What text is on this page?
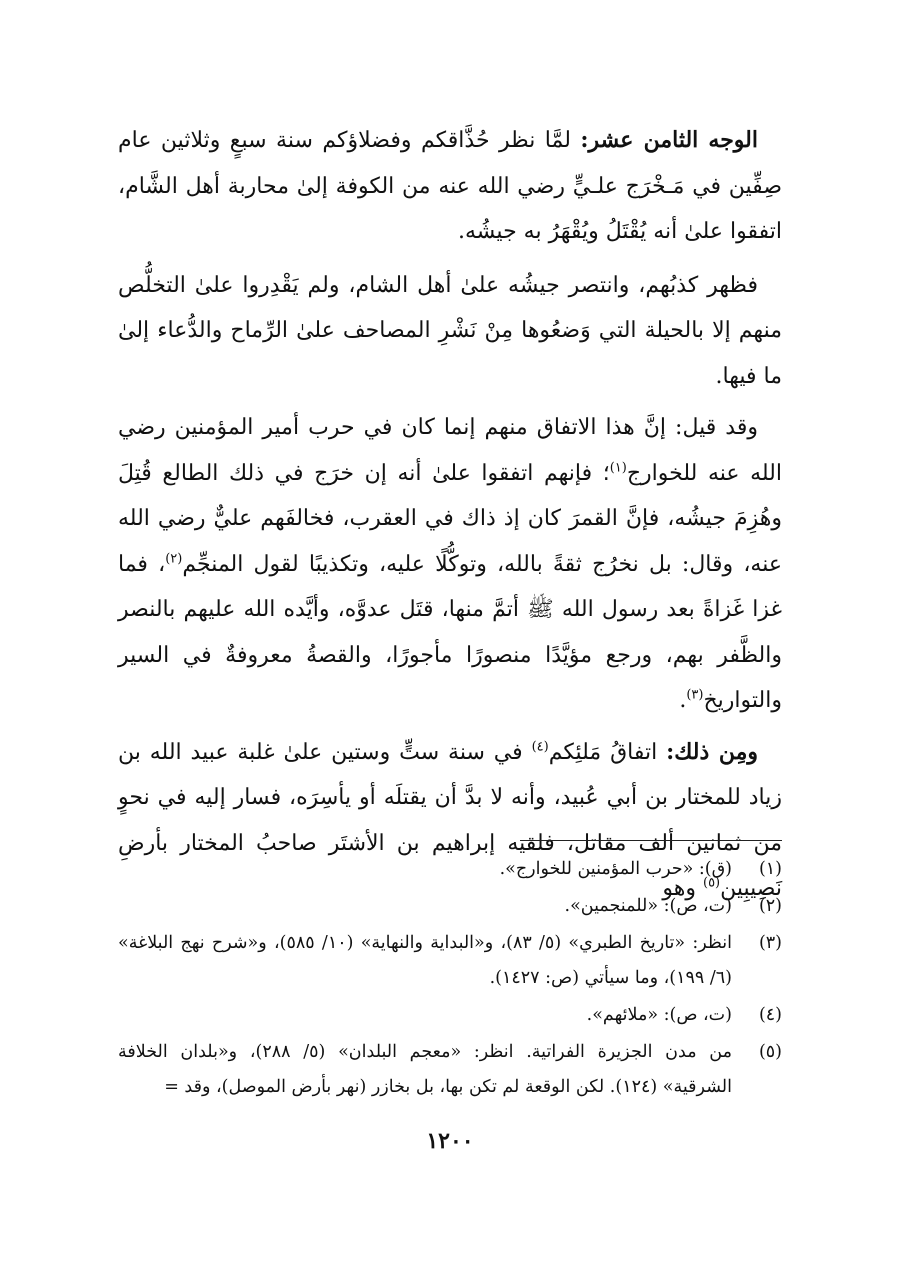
الوجه الثامن عشر: لمَّا نظر حُذَّاقكم وفضلاؤكم سنة سبعٍ وثلاثين عام صِفِّين في مَـخْرَج علـيٍّ رضي الله عنه من الكوفة إلىٰ محاربة أهل الشَّام، اتفقوا علىٰ أنه يُقْتَلُ ويُقْهَرُ به جيشُه.

فظهر كذبُهم، وانتصر جيشُه علىٰ أهل الشام، ولم يَقْدِروا علىٰ التخلُّص منهم إلا بالحيلة التي وَضعُوها مِنْ نَشْرِ المصاحف علىٰ الرِّماح والدُّعاء إلىٰ ما فيها.

وقد قيل: إنَّ هذا الاتفاق منهم إنما كان في حرب أمير المؤمنين رضي الله عنه للخوارج$^{(١)}$؛ فإنهم اتفقوا علىٰ أنه إن خرَج في ذلك الطالع قُتِلَ وهُزِمَ جيشُه، فإنَّ القمرَ كان إذ ذاك في العقرب، فخالفَهم عليٌّ رضي الله عنه، وقال: بل نخرُج ثقةً بالله، وتوكُّلًا عليه، وتكذيبًا لقول المنجِّم$^{(٢)}$، فما غزا غَزاةً بعد رسول الله ﷺ أتمَّ منها، قتَل عدوَّه، وأيَّده الله عليهم بالنصر والظَّفر بهم، ورجع مؤيَّدًا منصورًا مأجورًا، والقصةُ معروفةٌ في السير والتواريخ$^{(٣)}$.

ومِن ذلك: اتفاقُ مَلئِكم$^{(٤)}$ في سنة ستٍّ وستين علىٰ غلبة عبيد الله بن زياد للمختار بن أبي عُبيد، وأنه لا بدَّ أن يقتلَه أو يأسِرَه، فسار إليه في نحوٍ من ثمانين ألف مقاتل، فلقيه إبراهيم بن الأشتَر صاحبُ المختار بأرضِ نَصِيبِين$^{(٥)}$ وهو

(١)
(ق): «حرب المؤمنين للخوارج».
(٢)
(ت، ص): «للمنجمين».
(٣)
انظر: «تاريخ الطبري» (٥/ ٨٣)، و«البداية والنهاية» (١٠/ ٥٨٥)، و«شرح نهج البلاغة» (٦/ ١٩٩)، وما سيأتي (ص: ١٤٢٧).
(٤)
(ت، ص): «ملائهم».
(٥)
من مدن الجزيرة الفراتية. انظر: «معجم البلدان» (٥/ ٢٨٨)، و«بلدان الخلافة الشرقية» (١٢٤). لكن الوقعة لم تكن بها، بل بخازر (نهر بأرض الموصل)، وقد =
١٢٠٠
